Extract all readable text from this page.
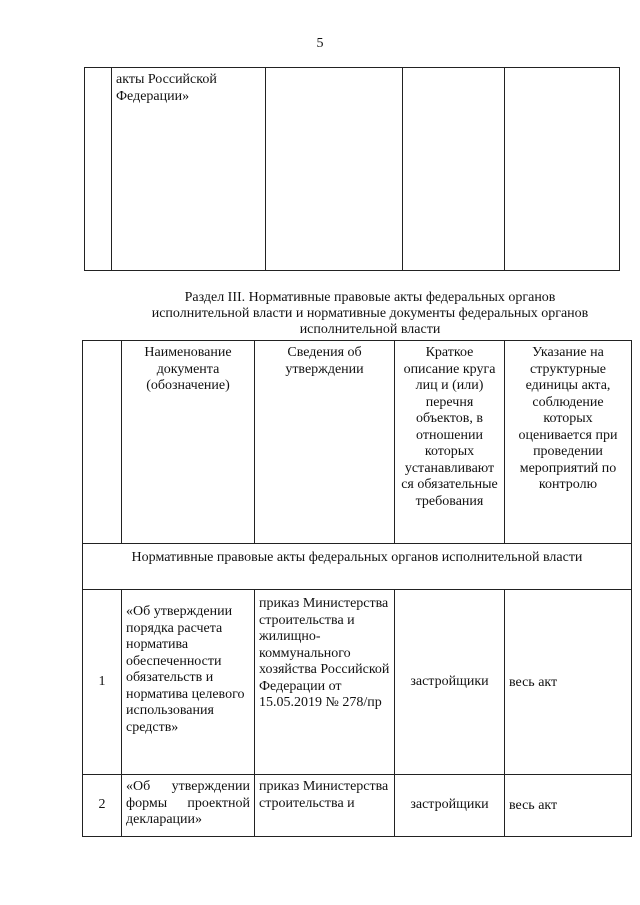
5
	акты Российской Федерации»			
Раздел III. Нормативные правовые акты федеральных органов исполнительной власти и нормативные документы федеральных органов исполнительной власти
	Наименование документа (обозначение)	Сведения об утверждении	Краткое описание круга лиц и (или) перечня объектов, в отношении которых устанавливают ся обязательные требования	Указание на структурные единицы акта, соблюдение которых оценивается при проведении мероприятий по контролю
Нормативные правовые акты федеральных органов исполнительной власти				
1	«Об утверждении порядка расчета норматива обеспеченности обязательств и норматива целевого использования средств»	приказ Министерства строительства и жилищно-коммунального хозяйства Российской Федерации от 15.05.2019 № 278/пр	застройщики	весь акт
2	«Об утверждении формы проектной декларации»	приказ Министерства строительства и	застройщики	весь акт
